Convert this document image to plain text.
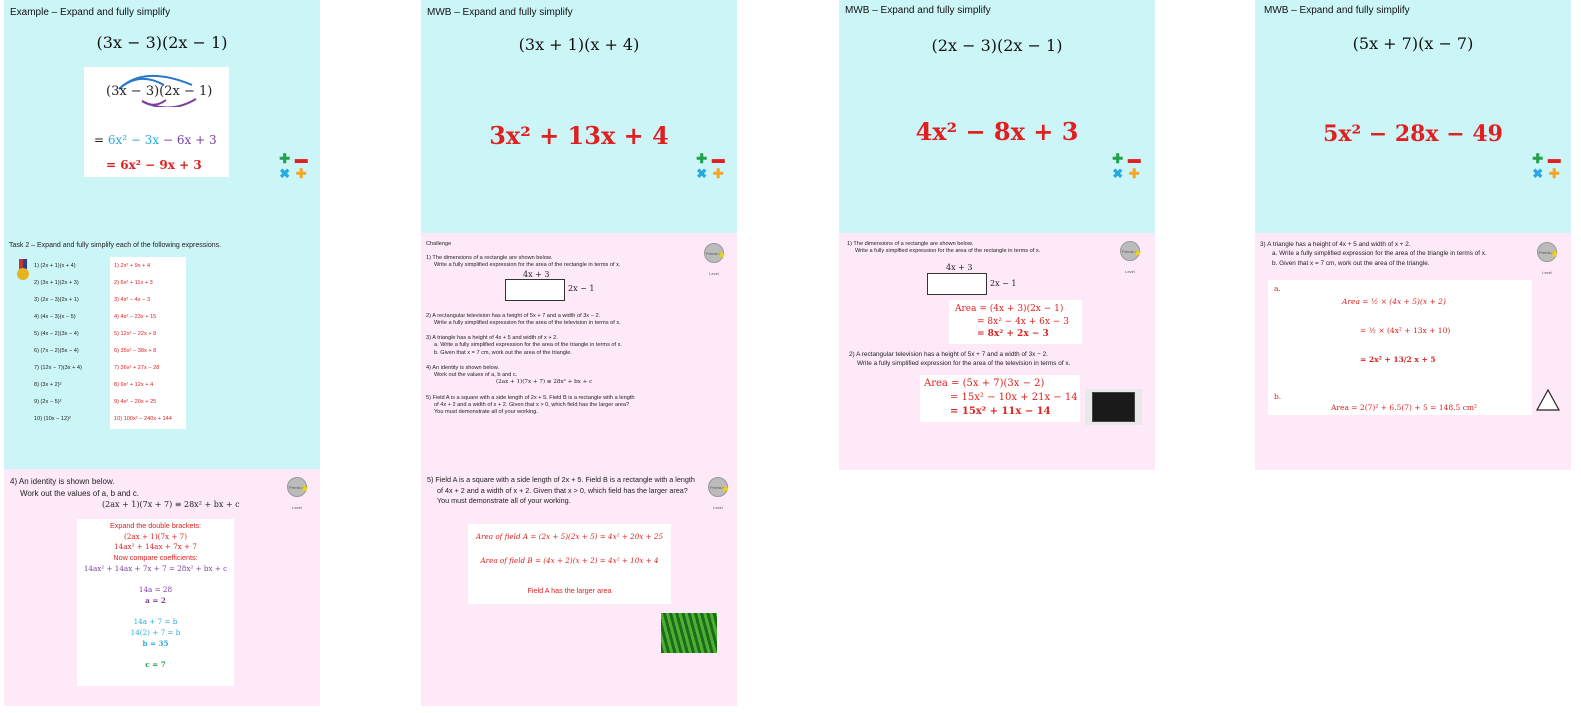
Example – Expand and fully simplify
(3x − 3)(2x − 1)
(3x − 3)(2x − 1)
= 6x² − 3x − 6x + 3
= 6x² − 9x + 3	✚ ▬
✖ ✚
Task 2 – Expand and fully simplify each of the following expressions.
1) (2x + 1)(x + 4)
2) (3x + 1)(2x + 3)
3) (2x − 3)(2x + 1)
4) (4x − 3)(x − 5)
5) (4x − 2)(3x − 4)
6) (7x − 2)(5x − 4)
7) (12x − 7)(3x + 4)
8) (3x + 2)²
9) (2x − 5)²
10) (10x − 12)²
1) 2x² + 9x + 4
2) 6x² + 11x + 3
3) 4x² − 4x − 3
4) 4x² − 23x + 15
5) 12x² − 22x + 8
6) 35x² − 38x + 8
7) 36x² + 27x − 28
8) 9x² + 12x + 4
9) 4x² − 20x + 25
10) 100x² − 240x + 144
4) An identity is shown below.
Work out the values of a, b and c.
(2ax + 1)(7x + 7) ≡ 28x² + bx + c
Premium Level ★
Expand the double brackets:
(2ax + 1)(7x + 7)
14ax² + 14ax + 7x + 7
Now compare coefficients:
14ax² + 14ax + 7x + 7 = 28x² + bx + c

14a = 28
a = 2

14a + 7 = b
14(2) + 7 = b
b = 35

c = 7
MWB – Expand and fully simplify
(3x + 1)(x + 4)
3x² + 13x + 4
✚ ▬
✖ ✚
Challenge
Premium Level ★
1) The dimensions of a rectangle are shown below.
Write a fully simplified expression for the area of the rectangle in terms of x.
4x + 3
2x − 1
2) A rectangular television has a height of 5x + 7 and a width of 3x − 2.
Write a fully simplified expression for the area of the television in terms of x.
3) A triangle has a height of 4x + 5 and width of x + 2.
a. Write a fully simplified expression for the area of the triangle in terms of x.
b. Given that x = 7 cm, work out the area of the triangle.
4) An identity is shown below.
Work out the values of a, b and c.
(2ax + 1)(7x + 7) ≡ 28x² + bx + c
5) Field A is a square with a side length of 2x + 5. Field B is a rectangle with a length
of 4x + 2 and a width of x + 2. Given that x > 0, which field has the larger area?
You must demonstrate all of your working.
5) Field A is a square with a side length of 2x + 5. Field B is a rectangle with a length
of 4x + 2 and a width of x + 2. Given that x > 0, which field has the larger area?
You must demonstrate all of your working.
Premium Level ★
Area of field A = (2x + 5)(2x + 5) = 4x² + 20x + 25
Area of field B = (4x + 2)(x + 2) = 4x² + 10x + 4
Field A has the larger area
MWB – Expand and fully simplify
(2x − 3)(2x − 1)
4x² − 8x + 3
✚ ▬
✖ ✚
1) The dimensions of a rectangle are shown below.
Write a fully simplfied expression for the area of the rectangle in terms of x.	Premium Level ★
4x + 3
2x − 1
Area = (4x + 3)(2x − 1)
= 8x² − 4x + 6x − 3
= 8x² + 2x − 3
2) A rectangular television has a height of 5x + 7 and a width of 3x − 2.
Write a fully simplified expression for the area of the television in terms of x.
Area = (5x + 7)(3x − 2)
= 15x² − 10x + 21x − 14
= 15x² + 11x − 14
MWB – Expand and fully simplify
(5x + 7)(x − 7)
5x² − 28x − 49
✚ ▬
✖ ✚
3) A triangle has a height of 4x + 5 and width of x + 2.
a. Write a fully simplified expression for the area of the triangle in terms of x.
b. Given that x = 7 cm, work out the area of the triangle.
Premium Level ★
a.
Area = ½ × (4x + 5)(x + 2)
= ½ × (4x² + 13x + 10)
= 2x² + 13/2 x + 5
b.
Area = 2(7)² + 6.5(7) + 5 = 148.5 cm²
